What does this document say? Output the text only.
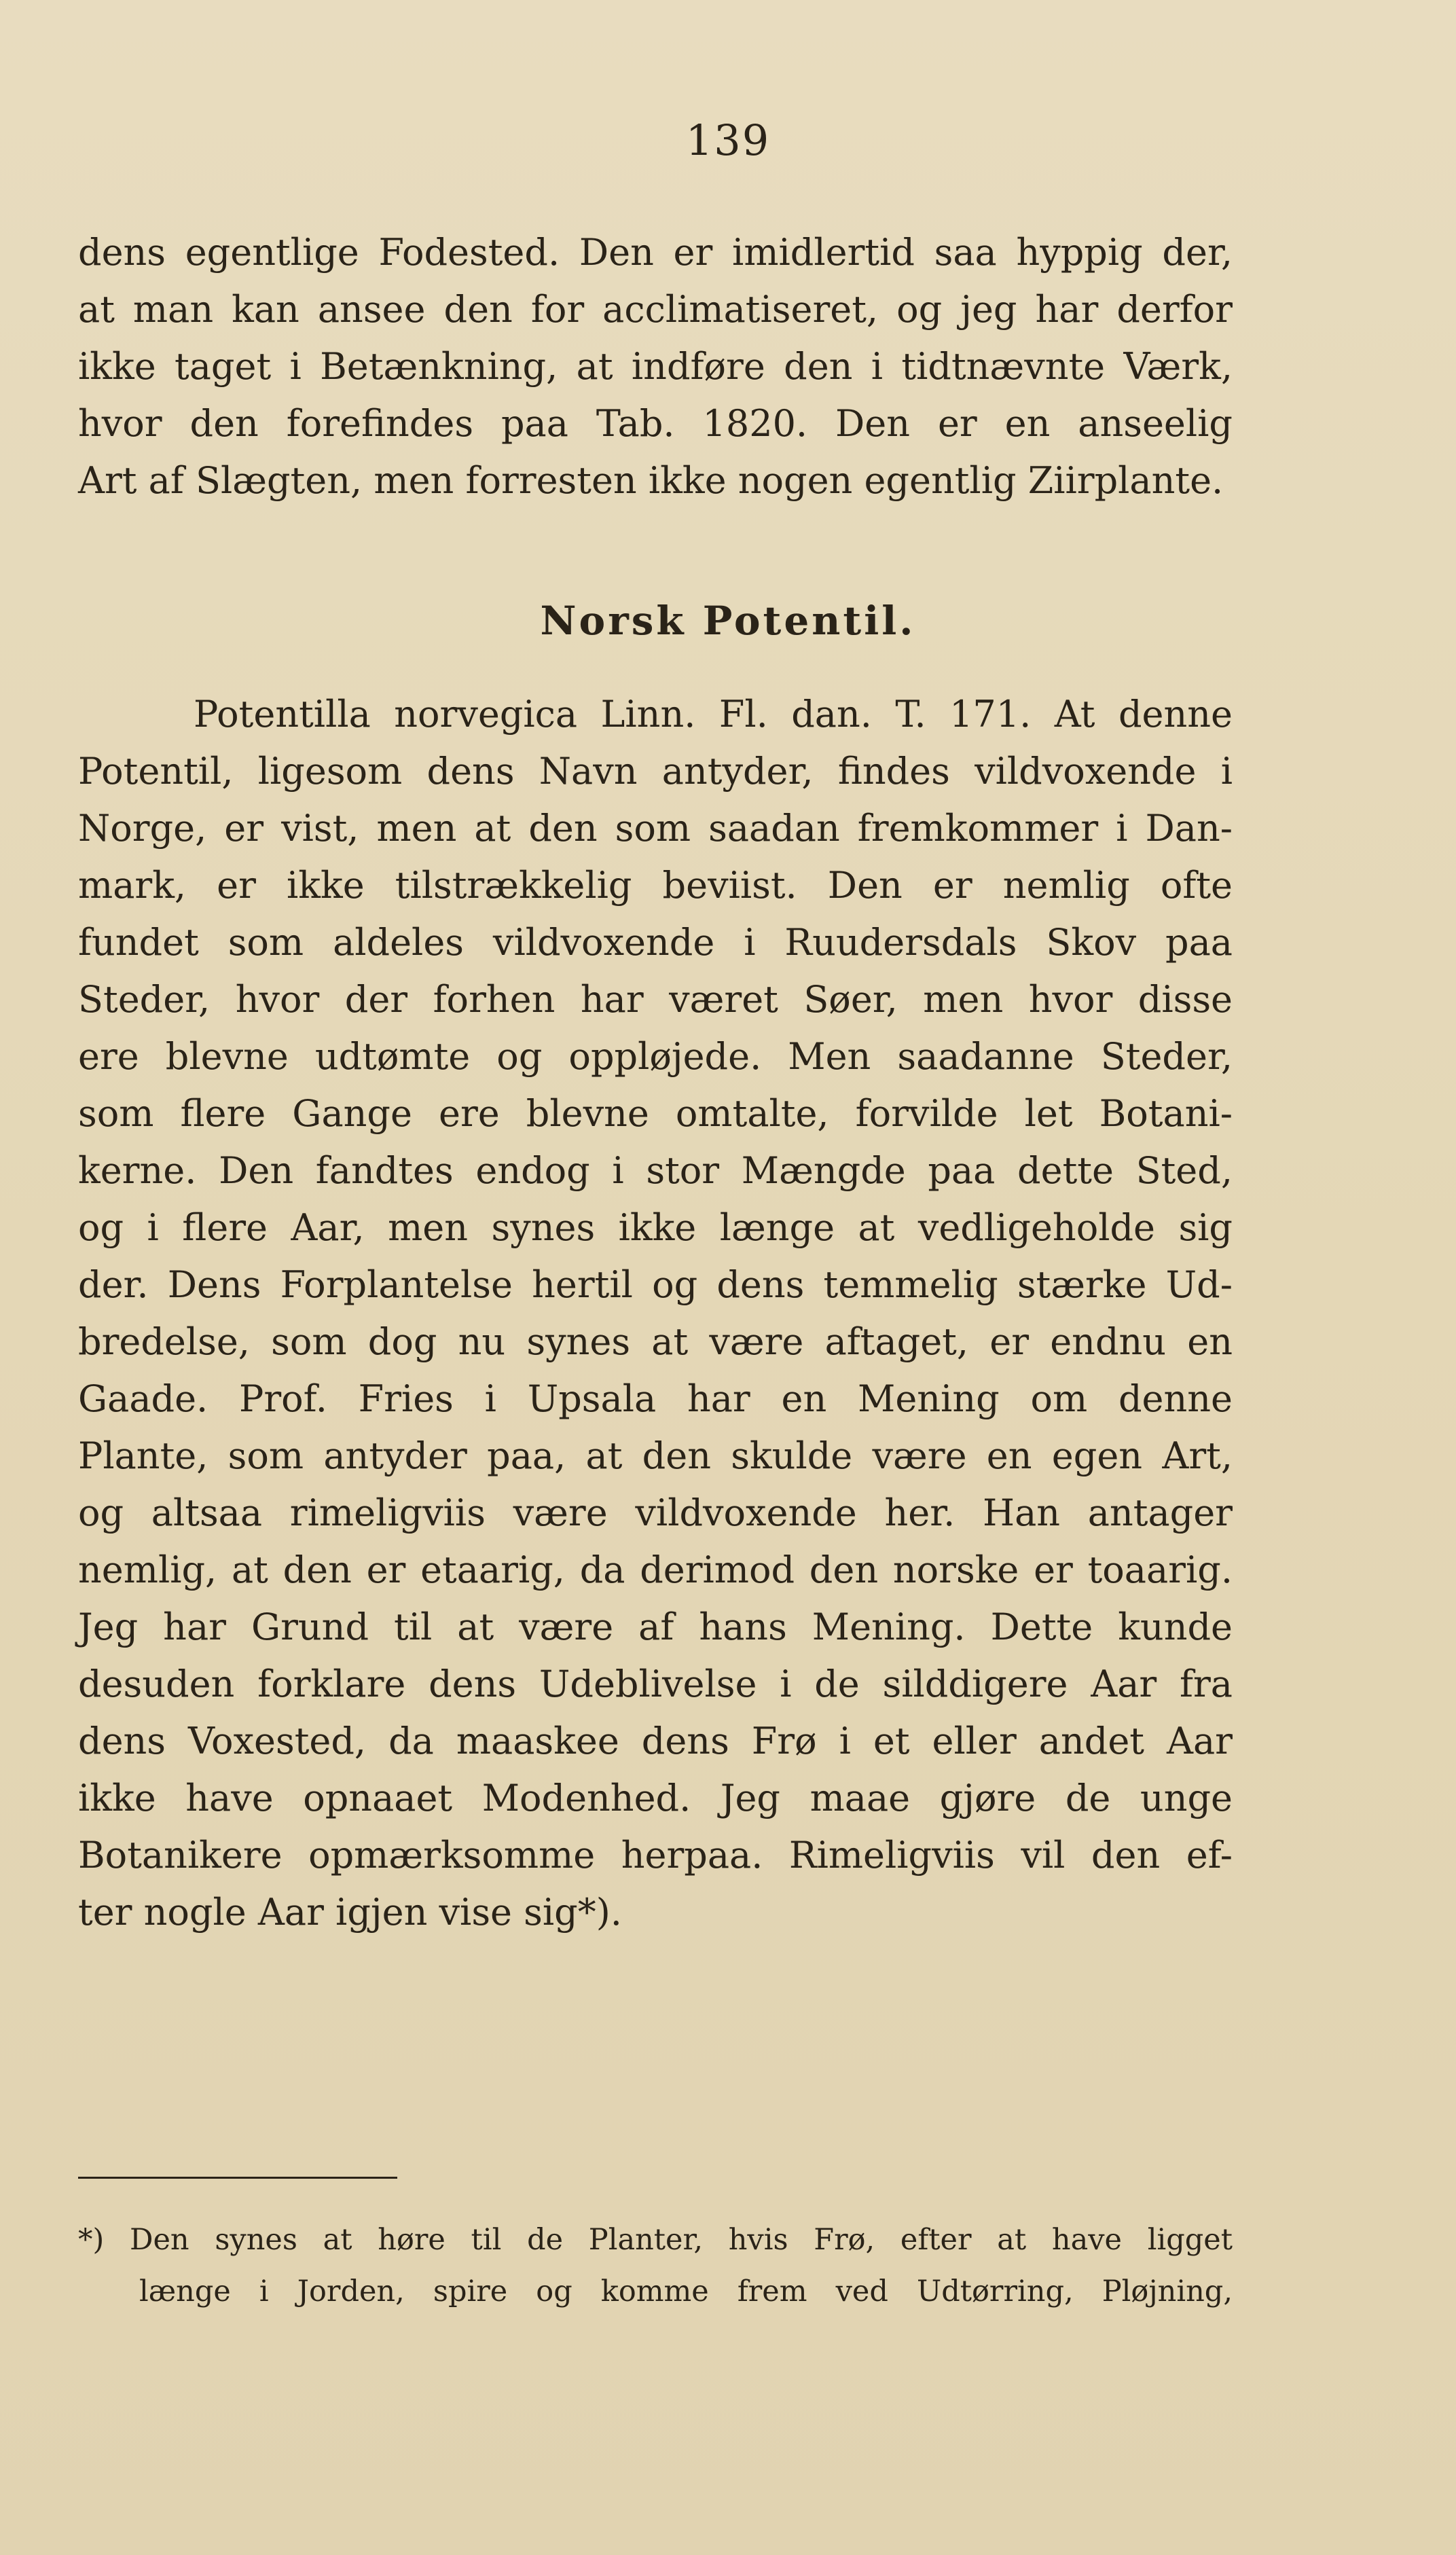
139
dens egentlige Fodested. Den er imidlertid saa hyppig der,
at man kan ansee den for acclimatiseret, og jeg har derfor
ikke taget i Betænkning, at indføre den i tidtnævnte Værk,
hvor den forefindes paa Tab. 1820. Den er en anseelig
Art af Slægten, men forresten ikke nogen egentlig Ziirplante.
Norsk Potentil.
Potentilla norvegica Linn. Fl. dan. T. 171. At denne
Potentil, ligesom dens Navn antyder, findes vildvoxende i
Norge, er vist, men at den som saadan fremkommer i Dan-
mark, er ikke tilstrækkelig beviist. Den er nemlig ofte
fundet som aldeles vildvoxende i Ruudersdals Skov paa
Steder, hvor der forhen har været Søer, men hvor disse
ere blevne udtømte og oppløjede. Men saadanne Steder,
som flere Gange ere blevne omtalte, forvilde let Botani-
kerne. Den fandtes endog i stor Mængde paa dette Sted,
og i flere Aar, men synes ikke længe at vedligeholde sig
der. Dens Forplantelse hertil og dens temmelig stærke Ud-
bredelse, som dog nu synes at være aftaget, er endnu en
Gaade. Prof. Fries i Upsala har en Mening om denne
Plante, som antyder paa, at den skulde være en egen Art,
og altsaa rimeligviis være vildvoxende her. Han antager
nemlig, at den er etaarig, da derimod den norske er toaarig.
Jeg har Grund til at være af hans Mening. Dette kunde
desuden forklare dens Udeblivelse i de silddigere Aar fra
dens Voxested, da maaskee dens Frø i et eller andet Aar
ikke have opnaaet Modenhed. Jeg maae gjøre de unge
Botanikere opmærksomme herpaa. Rimeligviis vil den ef-
ter nogle Aar igjen vise sig*).
*) Den synes at høre til de Planter, hvis Frø, efter at have ligget
længe i Jorden, spire og komme frem ved Udtørring, Pløjning,
